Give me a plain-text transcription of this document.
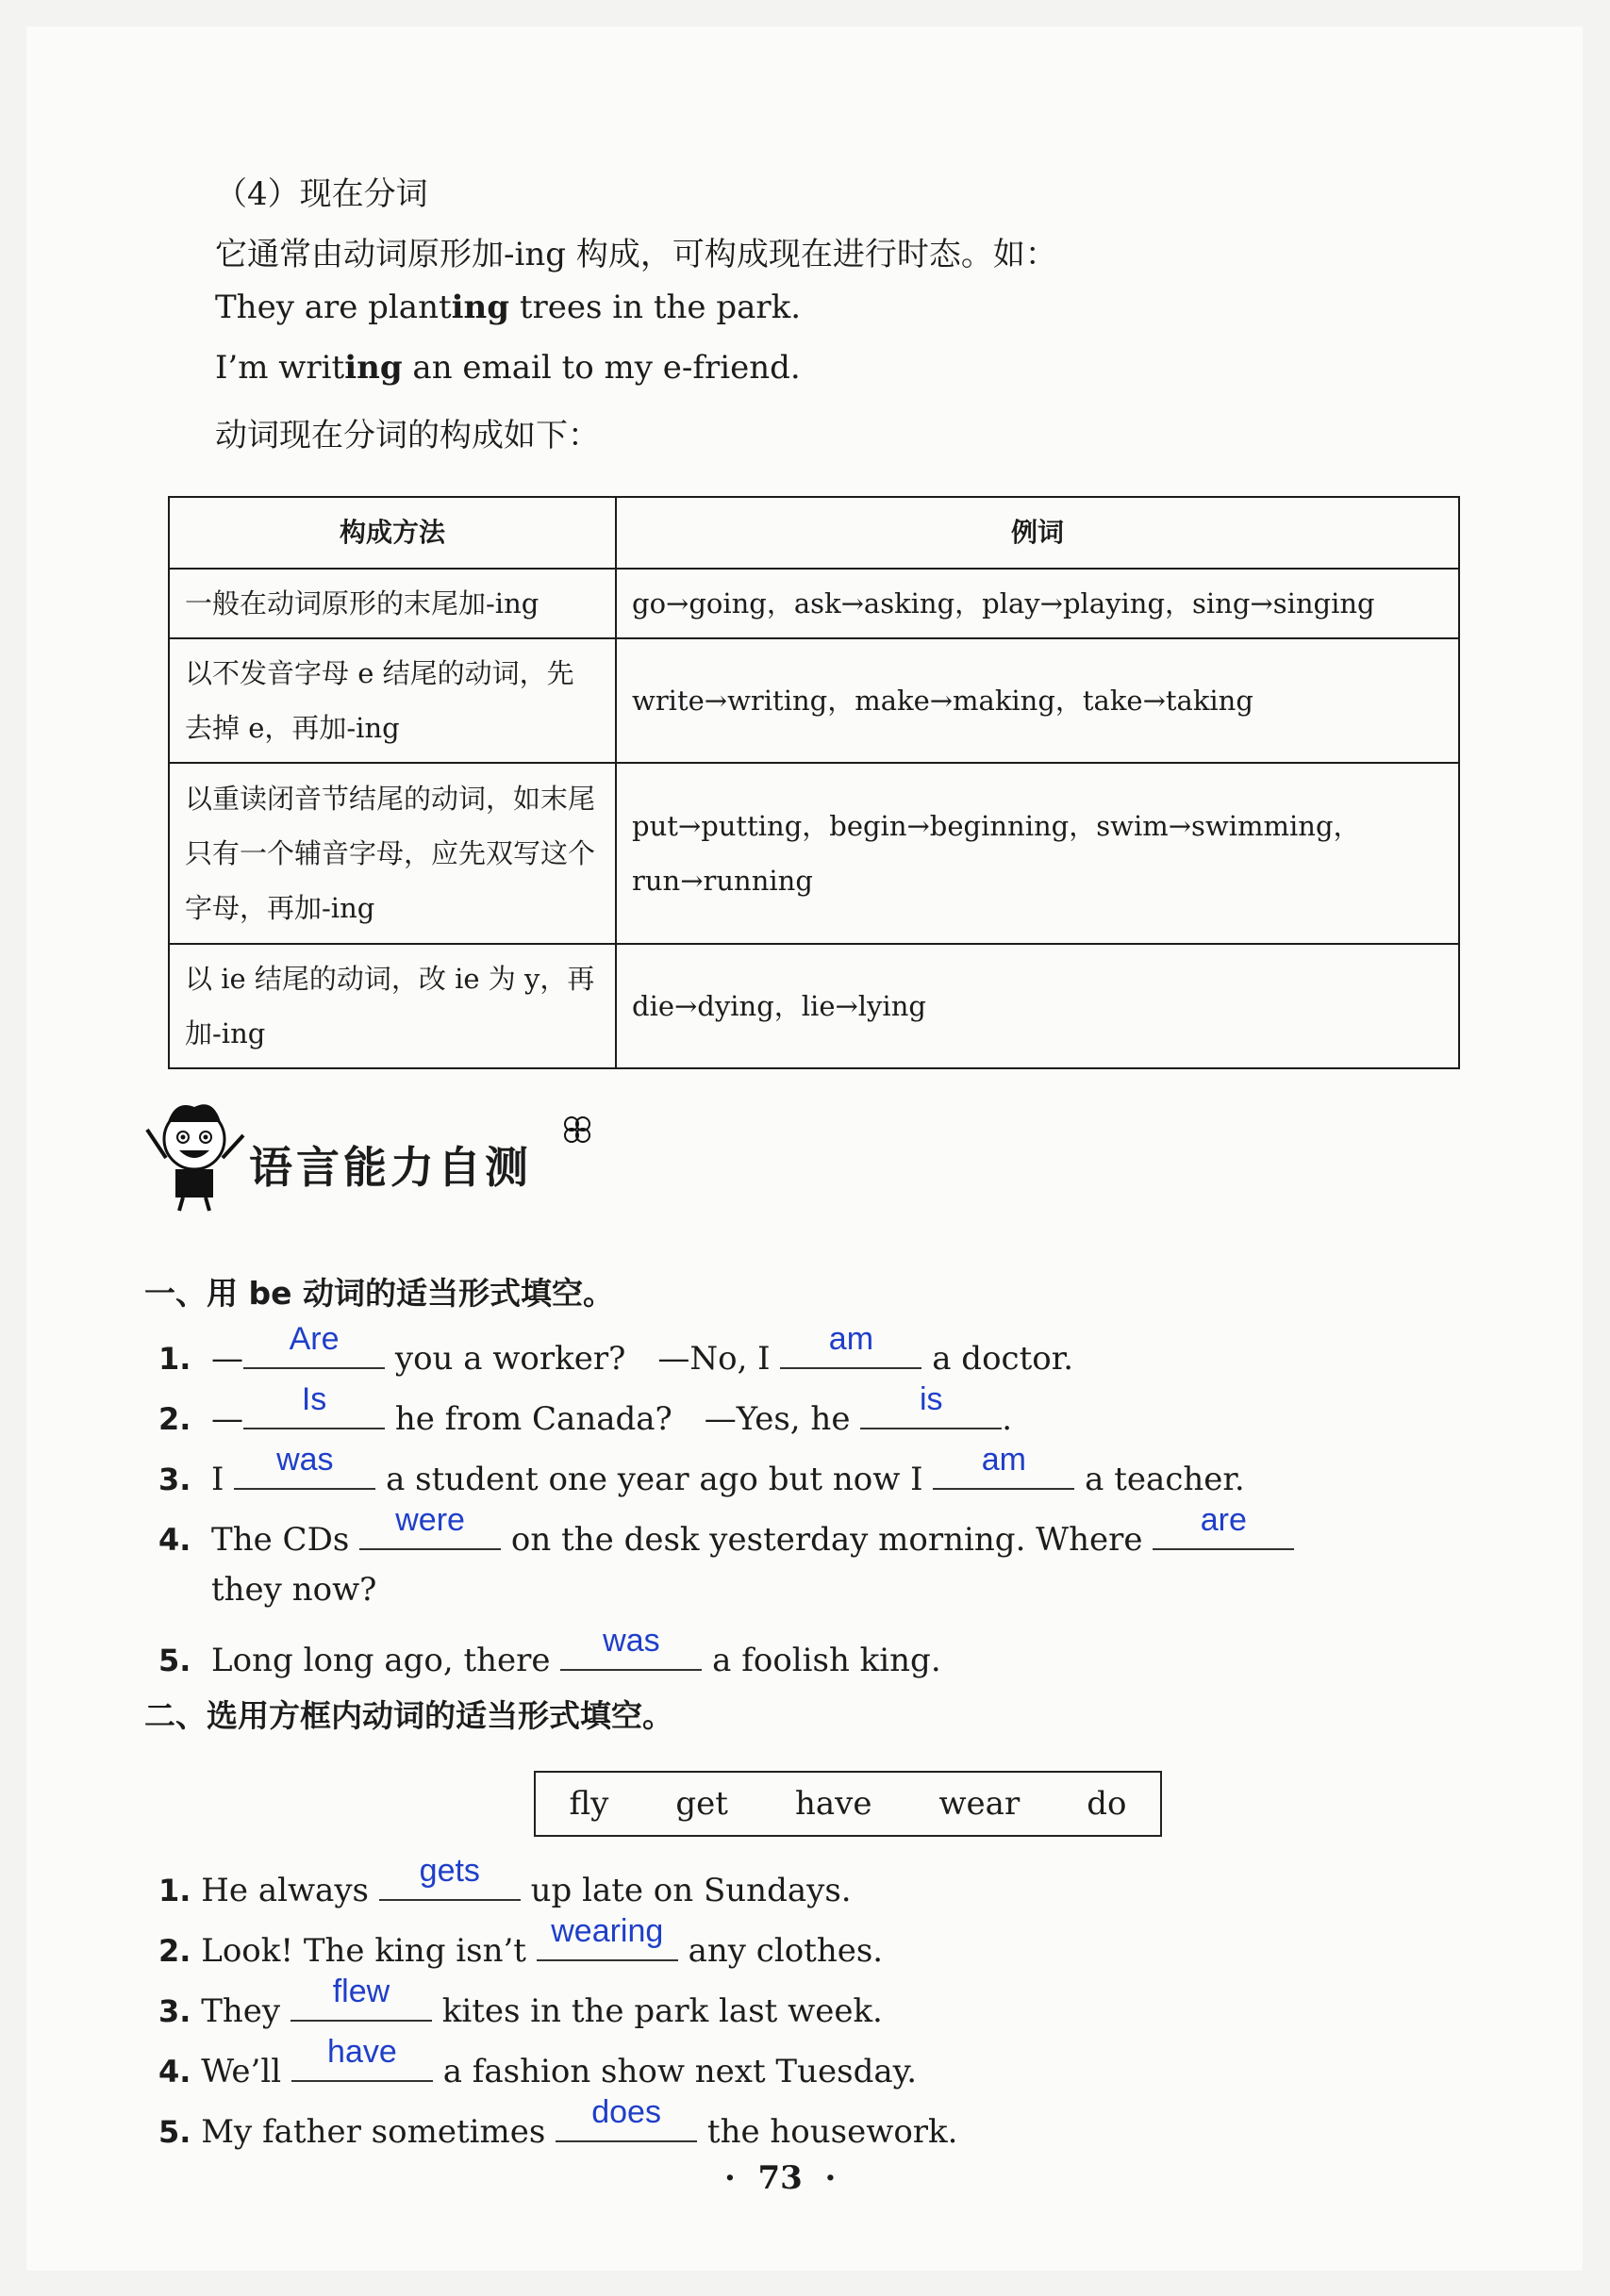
（4）现在分词
它通常由动词原形加-ing 构成，可构成现在进行时态。如：
They are planting trees in the park.
I’m writing an email to my e-friend.
动词现在分词的构成如下：
构成方法	例词
一般在动词原形的末尾加-ing	go→going，ask→asking，play→playing，sing→singing
以不发音字母 e 结尾的动词，先去掉 e，再加-ing	write→writing，make→making，take→taking
以重读闭音节结尾的动词，如末尾只有一个辅音字母，应先双写这个字母，再加-ing	put→putting，begin→beginning，swim→swimming，run→running
以 ie 结尾的动词，改 ie 为 y，再加-ing	die→dying，lie→lying
语言能力自测
一、用 be 动词的适当形式填空。
1. —
Are
you a worker?　—No, I
am
a doctor.
2. —
Is
he from Canada?　—Yes, he
is
.
3. I
was
a student one year ago but now I
am
a teacher.
4. The CDs
were
on the desk yesterday morning. Where
are
they now?
5. Long long ago, there
was
a foolish king.
二、选用方框内动词的适当形式填空。
fly get have wear do
1. He always
gets
up late on Sundays.
2. Look! The king isn’t
wearing
any clothes.
3. They
flew
kites in the park last week.
4. We’ll
have
a fashion show next Tuesday.
5. My father sometimes
does
the housework.
·  73  ·
